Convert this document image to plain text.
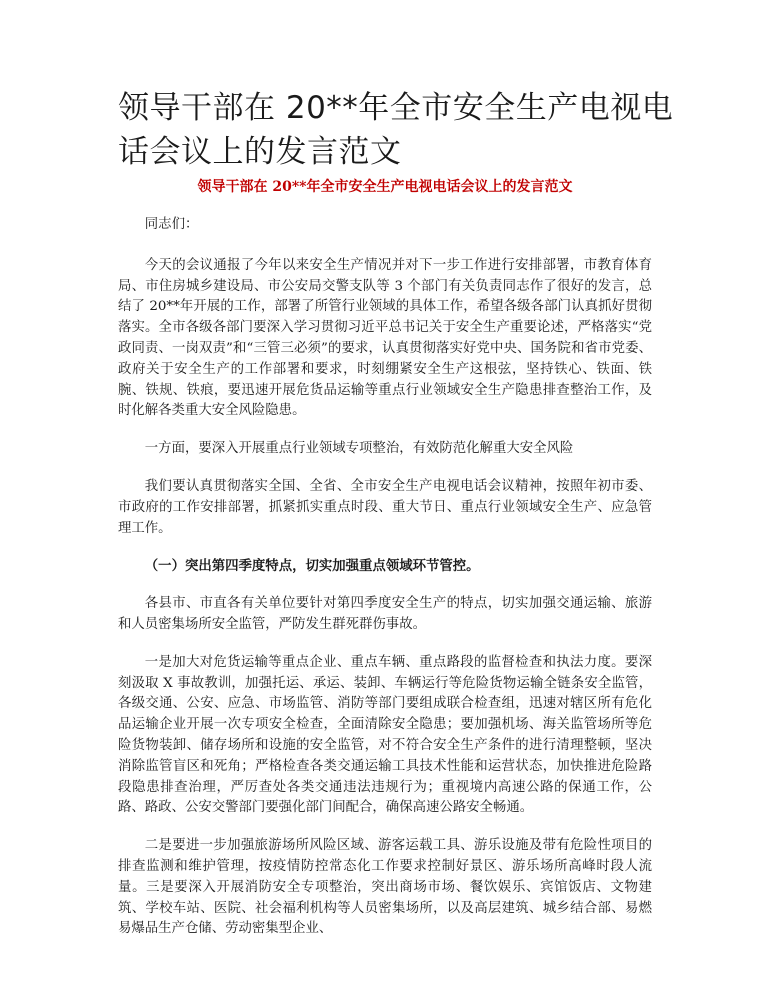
领导干部在 20**年全市安全生产电视电话会议上的发言范文

领导干部在 20**年全市安全生产电视电话会议上的发言范文

同志们：

今天的会议通报了今年以来安全生产情况并对下一步工作进行安排部署，市教育体育局、市住房城乡建设局、市公安局交警支队等 3 个部门有关负责同志作了很好的发言，总结了 20**年开展的工作，部署了所管行业领域的具体工作，希望各级各部门认真抓好贯彻落实。全市各级各部门要深入学习贯彻习近平总书记关于安全生产重要论述，严格落实“党政同责、一岗双责”和“三管三必须”的要求，认真贯彻落实好党中央、国务院和省市党委、政府关于安全生产的工作部署和要求，时刻绷紧安全生产这根弦，坚持铁心、铁面、铁腕、铁规、铁痕，要迅速开展危货品运输等重点行业领域安全生产隐患排查整治工作，及时化解各类重大安全风险隐患。

一方面，要深入开展重点行业领域专项整治，有效防范化解重大安全风险

我们要认真贯彻落实全国、全省、全市安全生产电视电话会议精神，按照年初市委、市政府的工作安排部署，抓紧抓实重点时段、重大节日、重点行业领域安全生产、应急管理工作。

（一）突出第四季度特点，切实加强重点领域环节管控。

各县市、市直各有关单位要针对第四季度安全生产的特点，切实加强交通运输、旅游和人员密集场所安全监管，严防发生群死群伤事故。

一是加大对危货运输等重点企业、重点车辆、重点路段的监督检查和执法力度。要深刻汲取 X 事故教训，加强托运、承运、装卸、车辆运行等危险货物运输全链条安全监管，各级交通、公安、应急、市场监管、消防等部门要组成联合检查组，迅速对辖区所有危化品运输企业开展一次专项安全检查，全面清除安全隐患；要加强机场、海关监管场所等危险货物装卸、储存场所和设施的安全监管，对不符合安全生产条件的进行清理整顿，坚决消除监管盲区和死角；严格检查各类交通运输工具技术性能和运营状态，加快推进危险路段隐患排查治理，严厉查处各类交通违法违规行为；重视境内高速公路的保通工作，公路、路政、公安交警部门要强化部门间配合，确保高速公路安全畅通。

二是要进一步加强旅游场所风险区域、游客运载工具、游乐设施及带有危险性项目的排查监测和维护管理，按疫情防控常态化工作要求控制好景区、游乐场所高峰时段人流量。三是要深入开展消防安全专项整治，突出商场市场、餐饮娱乐、宾馆饭店、文物建筑、学校车站、医院、社会福利机构等人员密集场所，以及高层建筑、城乡结合部、易燃易爆品生产仓储、劳动密集型企业、
